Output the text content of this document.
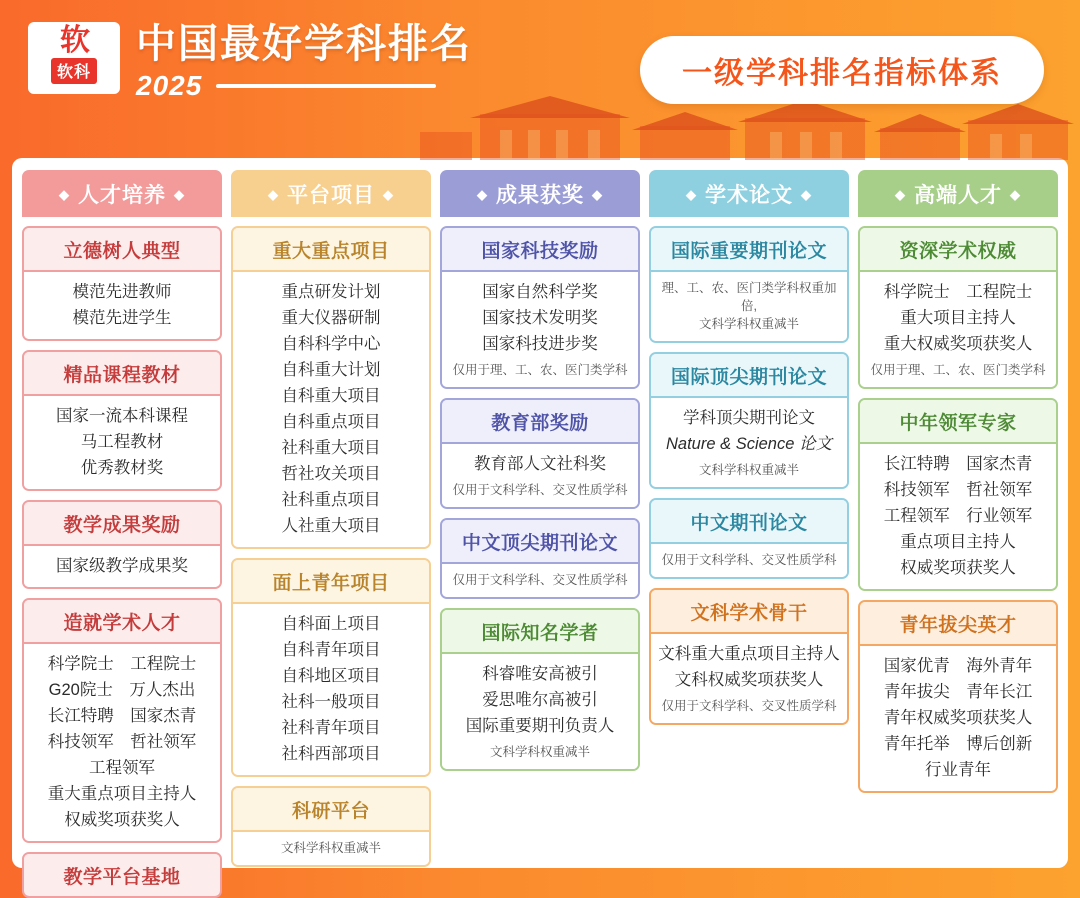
软
软科
中国最好学科排名
2025	一级学科排名指标体系
◆ 人才培养 ◆
立德树人典型
模范先进教师
模范先进学生
精品课程教材
国家一流本科课程
马工程教材
优秀教材奖
教学成果奖励
国家级教学成果奖
造就学术人才
科学院士　工程院士
G20院士　万人杰出
长江特聘　国家杰青
科技领军　哲社领军
工程领军
重大重点项目主持人
权威奖项获奖人
教学平台基地
◆ 平台项目 ◆
重大重点项目
重点研发计划
重大仪器研制
自科科学中心
自科重大计划
自科重大项目
自科重点项目
社科重大项目
哲社攻关项目
社科重点项目
人社重大项目
面上青年项目
自科面上项目
自科青年项目
自科地区项目
社科一般项目
社科青年项目
社科西部项目
科研平台
文科学科权重减半
◆ 成果获奖 ◆
国家科技奖励
国家自然科学奖
国家技术发明奖
国家科技进步奖
仅用于理、工、农、医门类学科
教育部奖励
教育部人文社科奖
仅用于文科学科、交叉性质学科
中文顶尖期刊论文
仅用于文科学科、交叉性质学科
国际知名学者
科睿唯安高被引
爱思唯尔高被引
国际重要期刊负责人
文科学科权重减半
◆ 学术论文 ◆
国际重要期刊论文
理、工、农、医门类学科权重加倍,
文科学科权重减半
国际顶尖期刊论文
学科顶尖期刊论文
Nature & Science 论文
文科学科权重减半
中文期刊论文
仅用于文科学科、交叉性质学科
文科学术骨干
文科重大重点项目主持人
文科权威奖项获奖人
仅用于文科学科、交叉性质学科
◆ 高端人才 ◆
资深学术权威
科学院士　工程院士
重大项目主持人
重大权威奖项获奖人
仅用于理、工、农、医门类学科
中年领军专家
长江特聘　国家杰青
科技领军　哲社领军
工程领军　行业领军
重点项目主持人
权威奖项获奖人
青年拔尖英才
国家优青　海外青年
青年拔尖　青年长江
青年权威奖项获奖人
青年托举　博后创新
行业青年
